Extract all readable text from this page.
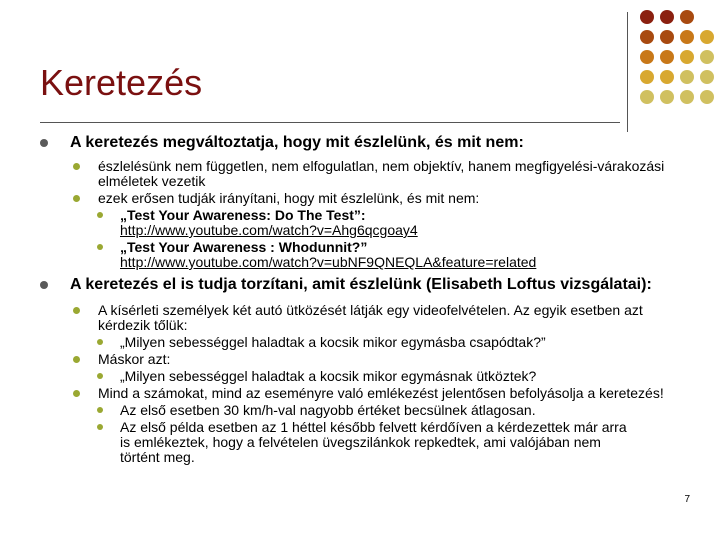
Keretezés
A keretezés megváltoztatja, hogy mit észlelünk, és mit nem:
észlelésünk nem független, nem elfogulatlan, nem objektív, hanem megfigyelési-várakozási elméletek vezetik
ezek erősen tudják irányítani, hogy mit észlelünk, és mit nem:
„Test Your Awareness: Do The Test”:
http://www.youtube.com/watch?v=Ahg6qcgoay4
„Test Your Awareness : Whodunnit?”
http://www.youtube.com/watch?v=ubNF9QNEQLA&feature=related
A keretezés el is tudja torzítani, amit észlelünk (Elisabeth Loftus vizsgálatai):
A kísérleti személyek két autó ütközését látják egy videofelvételen. Az egyik esetben azt kérdezik tőlük:
„Milyen sebességgel haladtak a kocsik mikor egymásba csapódtak?”
Máskor azt:
„Milyen sebességgel haladtak a kocsik mikor egymásnak ütköztek?
Mind a számokat, mind az eseményre való emlékezést jelentősen befolyásolja a keretezés!
Az első esetben 30 km/h-val nagyobb értéket becsülnek átlagosan.
Az első példa esetben az 1 héttel később felvett kérdőíven a kérdezettek már arra is emlékeztek, hogy a felvételen üvegszilánkok repkedtek, ami valójában nem történt meg.
7
